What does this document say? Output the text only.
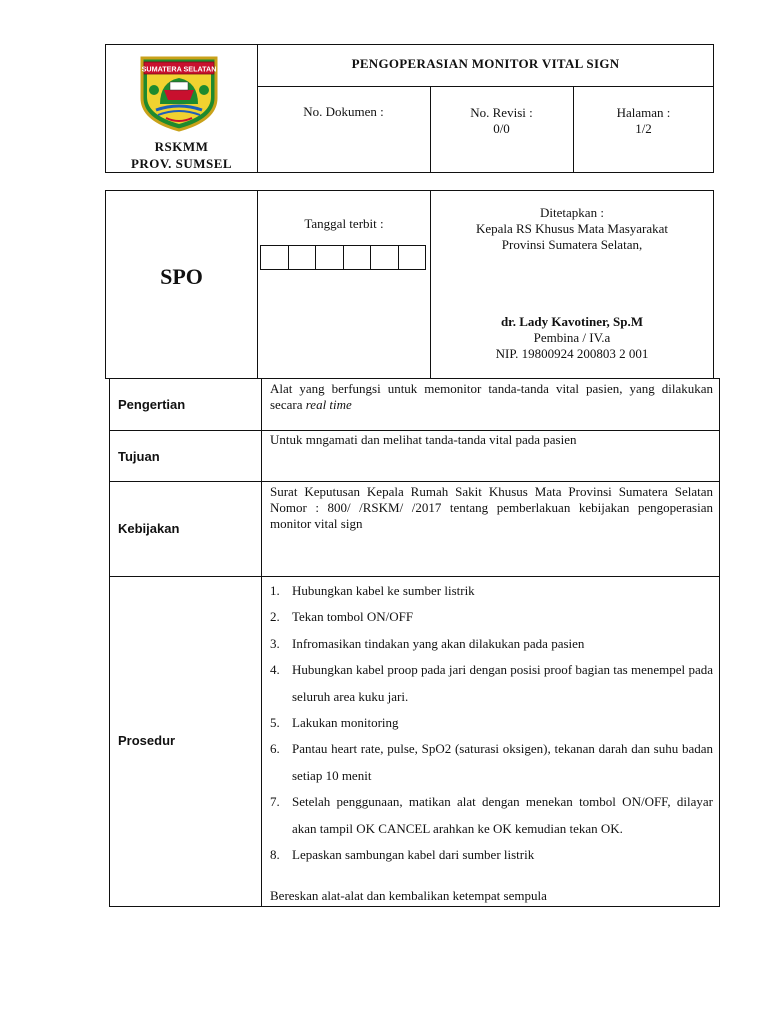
PENGOPERASIAN MONITOR VITAL SIGN
No. Dokumen :	No. Revisi :
0/0
Halaman :
1/2
RSKMM
PROV. SUMSEL
SUMATERA SELATAN
SPO
Tanggal terbit :
Ditetapkan :
Kepala RS Khusus Mata Masyarakat
Provinsi Sumatera Selatan,
dr. Lady Kavotiner, Sp.M
Pembina / IV.a
NIP. 19800924 200803 2 001
Pengertian
Alat yang berfungsi untuk memonitor tanda-tanda vital pasien, yang dilakukan secara real time
Tujuan
Untuk mngamati dan melihat tanda-tanda vital pada pasien
Kebijakan
Surat Keputusan Kepala Rumah Sakit Khusus Mata Provinsi Sumatera Selatan Nomor : 800/ /RSKM/ /2017 tentang pemberlakuan kebijakan pengoperasian monitor vital sign
Prosedur
1. Hubungkan kabel ke sumber listrik
2. Tekan tombol ON/OFF
3. Infromasikan tindakan yang akan dilakukan pada pasien
4. Hubungkan kabel proop pada jari dengan posisi proof bagian tas menempel pada seluruh area kuku jari.
5. Lakukan monitoring
6. Pantau heart rate, pulse, SpO2 (saturasi oksigen), tekanan darah dan suhu badan setiap 10 menit
7. Setelah penggunaan, matikan alat dengan menekan tombol ON/OFF, dilayar akan tampil OK CANCEL arahkan ke OK kemudian tekan OK.
8. Lepaskan sambungan kabel dari sumber listrik
Bereskan alat-alat dan kembalikan ketempat sempula
